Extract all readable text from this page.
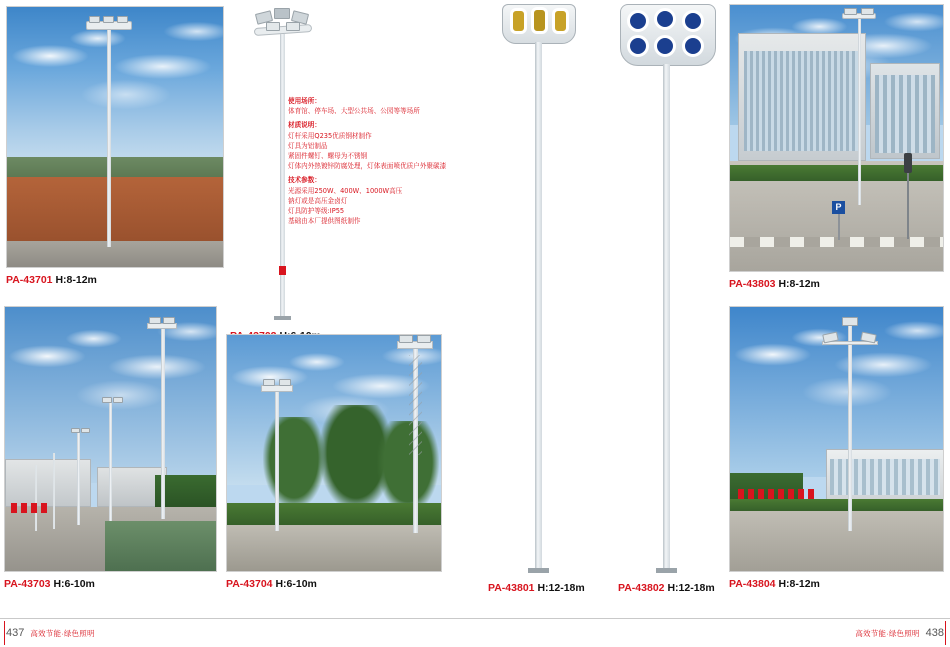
PA-43701 H:8-12m

使用场所：

体育馆、停车场、大型公共场、公园等等场所

材质说明：

灯杆采用Q235优质钢材制作

灯具为铝制品

紧固件螺钉、螺母为不锈钢

灯体内外热镀锌防腐处理，灯体表面喷优质户外聚碳漆

技术参数：

光源采用250W、400W、1000W高压

钠灯或是高压金卤灯

灯具防护等级:IP55

基础由本厂提供图纸制作

PA-43801 H:12-18m	PA-43802 H:12-18m
P
PA-43803 H:8-12m
PA-43703 H:6-10m	PA-43704 H:6-10m	PA-43804 H:8-12m
437 高效节能·绿色照明	高效节能·绿色照明 438
